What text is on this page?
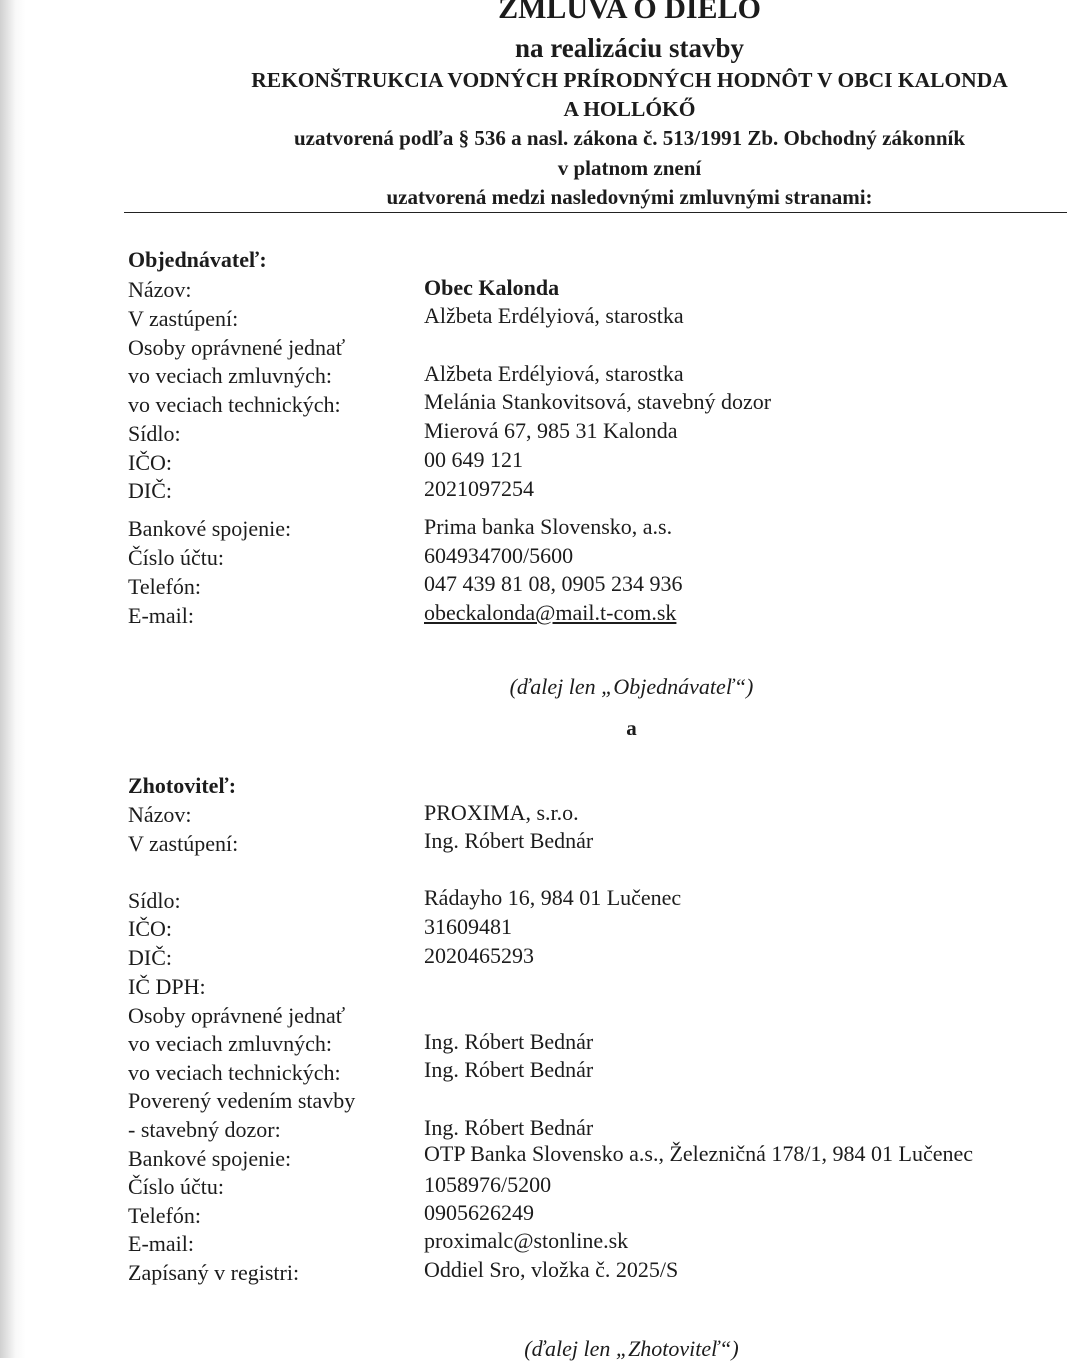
ZMLUVA O DIELO
na realizáciu stavby
REKONŠTRUKCIA VODNÝCH PRÍRODNÝCH HODNÔT V OBCI KALONDA
A HOLLÓKŐ
uzatvorená podľa § 536 a nasl. zákona č. 513/1991 Zb. Obchodný zákonník
v platnom znení
uzatvorená medzi nasledovnými zmluvnými stranami:
Objednávateľ:
Názov:	Obec Kalonda
V zastúpení:	Alžbeta Erdélyiová, starostka
Osoby oprávnené jednať
vo veciach zmluvných:	Alžbeta Erdélyiová, starostka
vo veciach technických:	Melánia Stankovitsová, stavebný dozor
Sídlo:	Mierová 67, 985 31 Kalonda
IČO:	00 649 121
DIČ:	2021097254
Bankové spojenie:	Prima banka Slovensko, a.s.
Číslo účtu:	604934700/5600
Telefón:	047 439 81 08, 0905 234 936
E-mail:	obeckalonda@mail.t-com.sk
(ďalej len „Objednávateľ“)
a
Zhotoviteľ:
Názov:	PROXIMA, s.r.o.
V zastúpení:	Ing. Róbert Bednár
Sídlo:	Rádayho 16, 984 01 Lučenec
IČO:	31609481
DIČ:	2020465293
IČ DPH:
Osoby oprávnené jednať
vo veciach zmluvných:	Ing. Róbert Bednár
vo veciach technických:	Ing. Róbert Bednár
Poverený vedením stavby
- stavebný dozor:	Ing. Róbert Bednár
Bankové spojenie:	OTP Banka Slovensko a.s., Železničná 178/1, 984 01 Lučenec
Číslo účtu:	1058976/5200
Telefón:	0905626249
E-mail:	proximalc@stonline.sk
Zapísaný v registri:	Oddiel Sro, vložka č. 2025/S
(ďalej len „Zhotoviteľ“)
